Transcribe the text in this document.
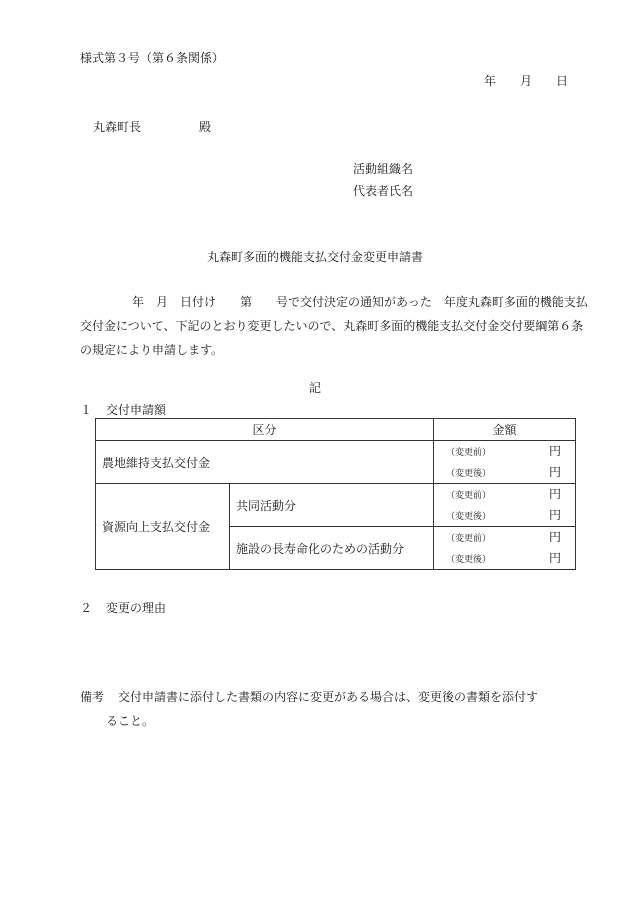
様式第３号（第６条関係）
年 月 日
丸森町長	殿
活動組織名
代表者氏名
丸森町多面的機能支払交付金変更申請書

年　月　日付け　　第　　号で交付決定の通知があった　年度丸森町多面的機能支払交付金について、下記のとおり変更したいので、丸森町多面的機能支払交付金交付要綱第６条の規定により申請します。

記
１ 交付申請額
区分		金額
農地維持支払交付金		（変更前） 円
（変更後） 円

資源向上支払交付金	共同活動分	（変更前） 円
（変更後） 円

	施設の長寿命化のための活動分	（変更前） 円
（変更後） 円
２ 変更の理由
備考 交付申請書に添付した書類の内容に変更がある場合は、変更後の書類を添付す
ること。
